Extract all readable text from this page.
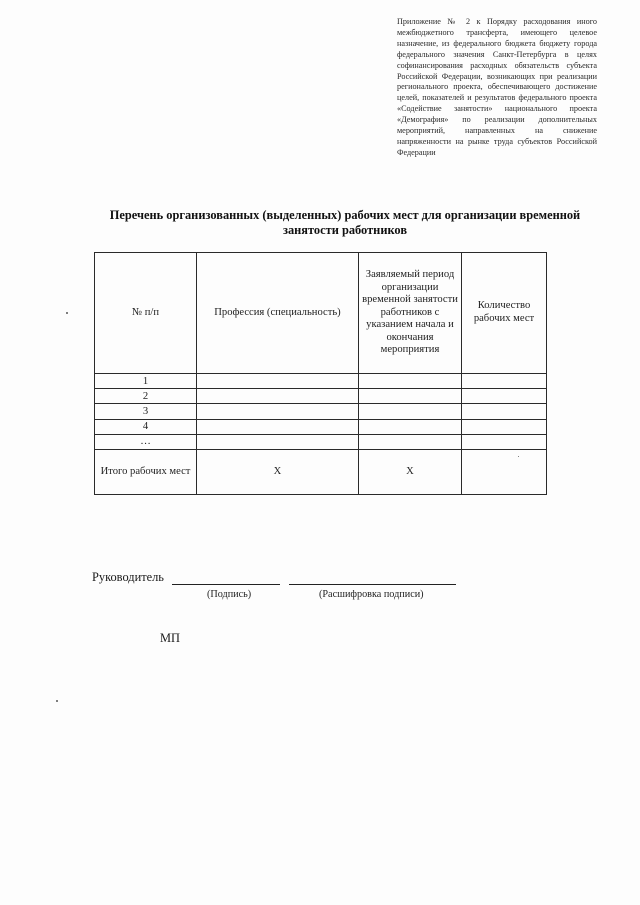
Приложение № 2 к Порядку расходования иного межбюджетного трансферта, имеющего целевое назначение, из федерального бюджета бюджету города федерального значения Санкт-Петербурга в целях софинансирования расходных обязательств субъекта Российской Федерации, возникающих при реализации регионального проекта, обеспечивающего достижение целей, показателей и результатов федерального проекта «Содействие занятости» национального проекта «Демография» по реализации дополнительных мероприятий, направленных на снижение напряженности на рынке труда субъектов Российской Федерации
Перечень организованных (выделенных) рабочих мест для организации временной занятости работников
№ п/п	Профессия (специальность)	Заявляемый период организации временной занятости работников с указанием начала и окончания мероприятия	Количество рабочих мест
1			
2			
3			
4			
…			
Итого рабочих мест	Х	Х	
Руководитель
(Подпись)	(Расшифровка подписи)
МП
